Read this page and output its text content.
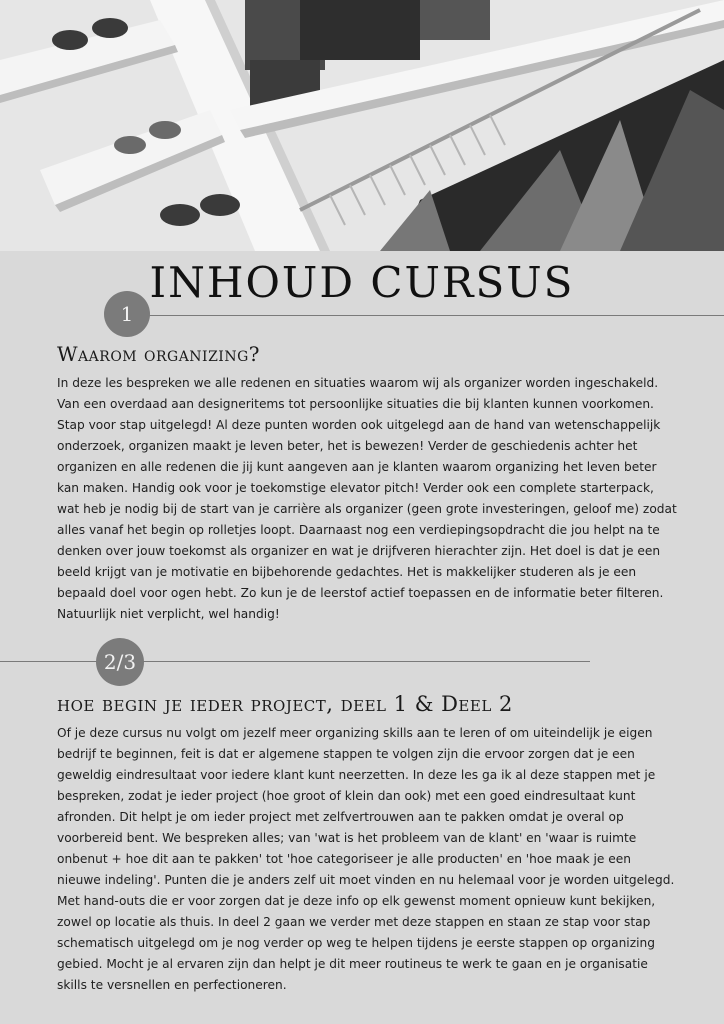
INHOUD CURSUS
1
Waarom organizing?

In deze les bespreken we alle redenen en situaties waarom wij als organizer worden ingeschakeld. Van een overdaad aan designeritems tot persoonlijke situaties die bij klanten kunnen voorkomen. Stap voor stap uitgelegd! Al deze punten worden ook uitgelegd aan de hand van wetenschappelijk onderzoek, organizen maakt je leven beter, het is bewezen! Verder de geschiedenis achter het organizen en alle redenen die jij kunt aangeven aan je klanten waarom organizing het leven beter kan maken. Handig ook voor je toekomstige elevator pitch! Verder ook een complete starterpack, wat heb je nodig bij de start van je carrière als organizer (geen grote investeringen, geloof me) zodat alles vanaf het begin op rolletjes loopt. Daarnaast nog een verdiepingsopdracht die jou helpt na te denken over jouw toekomst als organizer en wat je drijfveren hierachter zijn. Het doel is dat je een beeld krijgt van je motivatie en bijbehorende gedachtes. Het is makkelijker studeren als je een bepaald doel voor ogen hebt. Zo kun je de leerstof actief toepassen en de informatie beter filteren. Natuurlijk niet verplicht, wel handig!

2/3
hoe begin je ieder project, deel 1 & Deel 2

Of je deze cursus nu volgt om jezelf meer organizing skills aan te leren of om uiteindelijk je eigen bedrijf te beginnen, feit is dat er algemene stappen te volgen zijn die ervoor zorgen dat je een geweldig eindresultaat voor iedere klant kunt neerzetten. In deze les ga ik al deze stappen met je bespreken, zodat je ieder project (hoe groot of klein dan ook) met een goed eindresultaat kunt afronden. Dit helpt je om ieder project met zelfvertrouwen aan te pakken omdat je overal op voorbereid bent. We bespreken alles; van 'wat is het probleem van de klant' en 'waar is ruimte onbenut + hoe dit aan te pakken' tot 'hoe categoriseer je alle producten' en 'hoe maak je een nieuwe indeling'. Punten die je anders zelf uit moet vinden en nu helemaal voor je worden uitgelegd. Met hand-outs die er voor zorgen dat je deze info op elk gewenst moment opnieuw kunt bekijken, zowel op locatie als thuis. In deel 2 gaan we verder met deze stappen en staan ze stap voor stap schematisch uitgelegd om je nog verder op weg te helpen tijdens je eerste stappen op organizing gebied. Mocht je al ervaren zijn dan helpt je dit meer routineus te werk te gaan en je organisatie skills te versnellen en perfectioneren.
